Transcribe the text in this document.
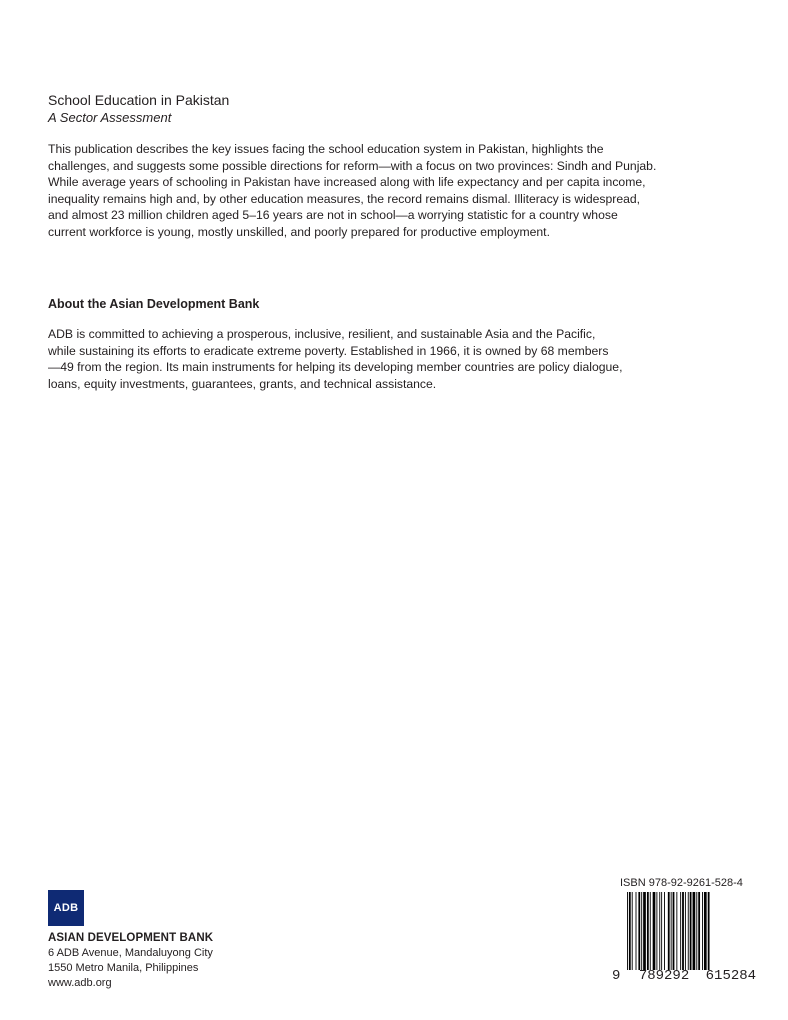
School Education in Pakistan
A Sector Assessment

This publication describes the key issues facing the school education system in Pakistan, highlights the
challenges, and suggests some possible directions for reform—with a focus on two provinces: Sindh and Punjab.
While average years of schooling in Pakistan have increased along with life expectancy and per capita income,
inequality remains high and, by other education measures, the record remains dismal. Illiteracy is widespread,
and almost 23 million children aged 5–16 years are not in school—a worrying statistic for a country whose
current workforce is young, mostly unskilled, and poorly prepared for productive employment.

About the Asian Development Bank

ADB is committed to achieving a prosperous, inclusive, resilient, and sustainable Asia and the Pacific,
while sustaining its efforts to eradicate extreme poverty. Established in 1966, it is owned by 68 members
—49 from the region. Its main instruments for helping its developing member countries are policy dialogue,
loans, equity investments, guarantees, grants, and technical assistance.

ADB
ASIAN DEVELOPMENT BANK
6 ADB Avenue, Mandaluyong City
1550 Metro Manila, Philippines
www.adb.org
ISBN 978-92-9261-528-4
9 789292 615284
